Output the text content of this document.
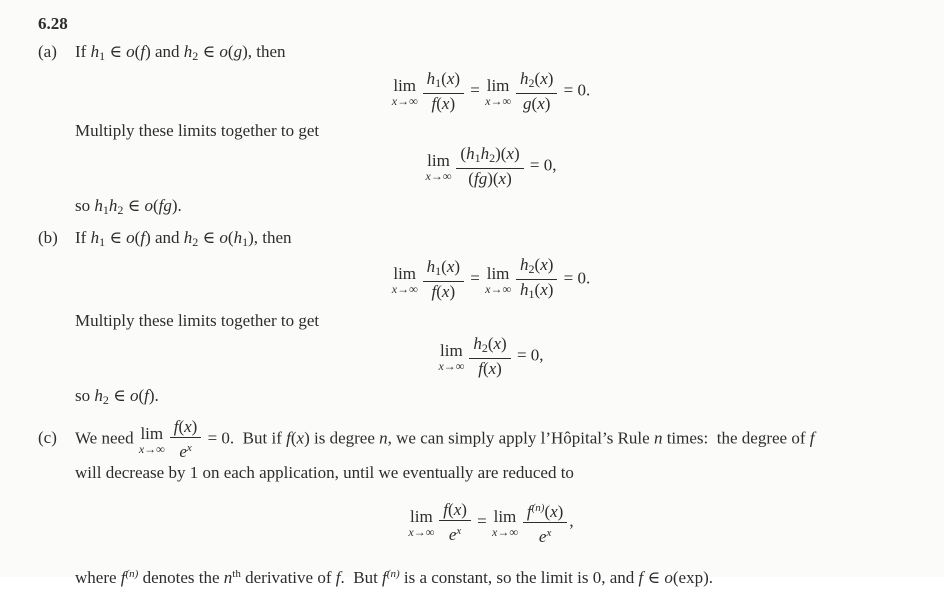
6.28

(a)	If h1 ∈ o(f) and h2 ∈ o(g), then

lim
$x\to\infty \frac{h1(x)}{f(x)} = \lim$
$x\to\infty \frac{h2(x)}{g(x)} = 0$.

Multiply these limits together to get

lim
$x\to\infty \frac{(h1h2)(x)}{(fg)(x)} = 0$,

so h1h2 ∈ o(fg).

(b)	If h1 ∈ o(f) and h2 ∈ o(h1), then

lim
$x\to\infty \frac{h1(x)}{f(x)} = \lim$
$x\to\infty \frac{h2(x)}{h1(x)} = 0$.

Multiply these limits together to get

lim
$x\to\infty \frac{h2(x)}{f(x)} = 0$,

so h2 ∈ o(f).

(c)	We need lim
$x\to\infty \frac{f(x)}{e^x} = 0$.  But if f(x) is degree n, we can simply apply l’Hôpital’s Rule n times:  the degree of f

will decrease by 1 on each application, until we eventually are reduced to

lim
$x\to\infty \frac{f(x)}{e^x} = \lim$
$x\to\infty \frac{f^{(n)}(x)}{e^x}$ ,

where $f^{(n)}$ denotes the $n^{th}$ derivative of f.  But $f^{(n)}$ is a constant, so the limit is 0, and f ∈ o(exp).
